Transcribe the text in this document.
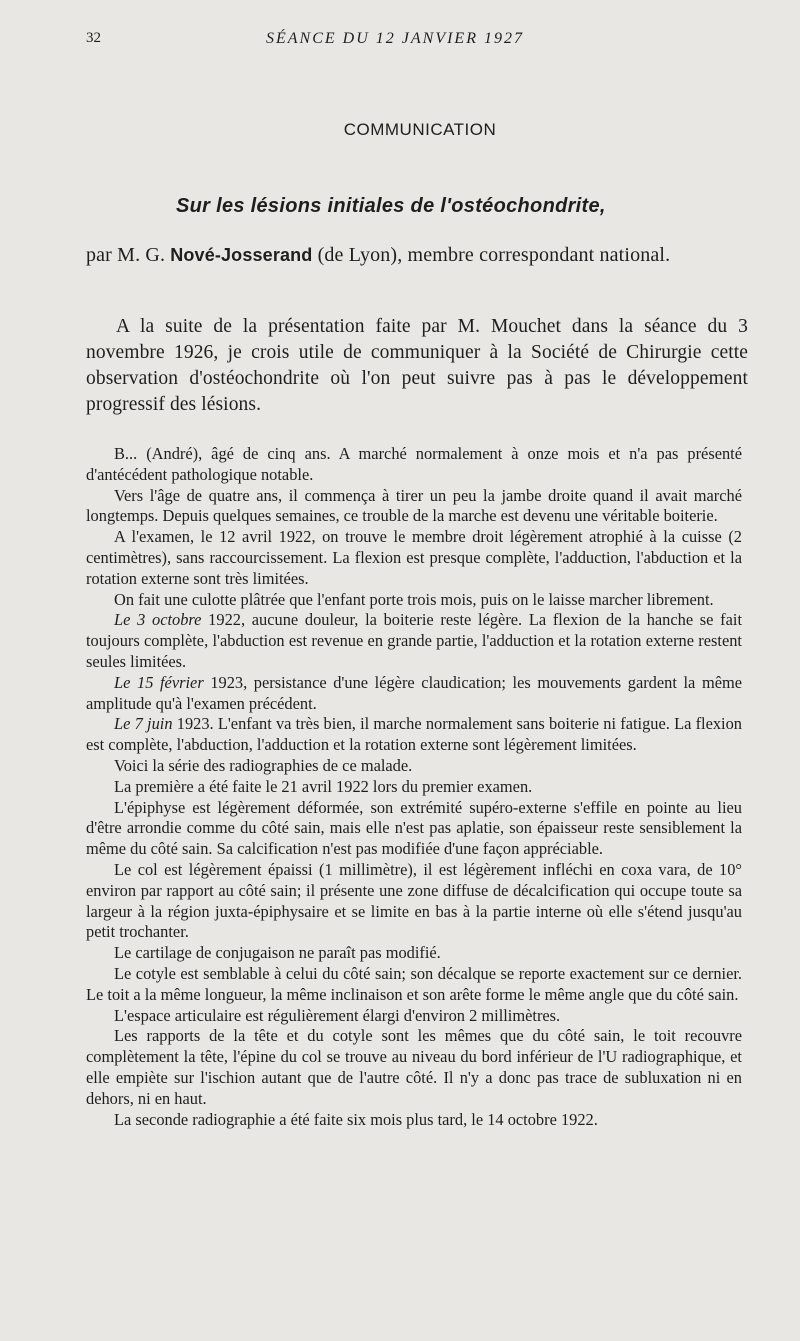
32	SÉANCE DU 12 JANVIER 1927
COMMUNICATION
Sur les lésions initiales de l'ostéochondrite,
par M. G. Nové-Josserand (de Lyon), membre correspondant national.
A la suite de la présentation faite par M. Mouchet dans la séance du 3 novembre 1926, je crois utile de communiquer à la Société de Chirurgie cette observation d'ostéochondrite où l'on peut suivre pas à pas le développement progressif des lésions.

B... (André), âgé de cinq ans. A marché normalement à onze mois et n'a pas présenté d'antécédent pathologique notable.

Vers l'âge de quatre ans, il commença à tirer un peu la jambe droite quand il avait marché longtemps. Depuis quelques semaines, ce trouble de la marche est devenu une véritable boiterie.

A l'examen, le 12 avril 1922, on trouve le membre droit légèrement atrophié à la cuisse (2 centimètres), sans raccourcissement. La flexion est presque complète, l'adduction, l'abduction et la rotation externe sont très limitées.

On fait une culotte plâtrée que l'enfant porte trois mois, puis on le laisse marcher librement.

Le 3 octobre 1922, aucune douleur, la boiterie reste légère. La flexion de la hanche se fait toujours complète, l'abduction est revenue en grande partie, l'adduction et la rotation externe restent seules limitées.

Le 15 février 1923, persistance d'une légère claudication; les mouvements gardent la même amplitude qu'à l'examen précédent.

Le 7 juin 1923. L'enfant va très bien, il marche normalement sans boiterie ni fatigue. La flexion est complète, l'abduction, l'adduction et la rotation externe sont légèrement limitées.

Voici la série des radiographies de ce malade.

La première a été faite le 21 avril 1922 lors du premier examen.

L'épiphyse est légèrement déformée, son extrémité supéro-externe s'effile en pointe au lieu d'être arrondie comme du côté sain, mais elle n'est pas aplatie, son épaisseur reste sensiblement la même du côté sain. Sa calcification n'est pas modifiée d'une façon appréciable.

Le col est légèrement épaissi (1 millimètre), il est légèrement infléchi en coxa vara, de 10° environ par rapport au côté sain; il présente une zone diffuse de décalcification qui occupe toute sa largeur à la région juxta-épiphysaire et se limite en bas à la partie interne où elle s'étend jusqu'au petit trochanter.

Le cartilage de conjugaison ne paraît pas modifié.

Le cotyle est semblable à celui du côté sain; son décalque se reporte exactement sur ce dernier. Le toit a la même longueur, la même inclinaison et son arête forme le même angle que du côté sain.

L'espace articulaire est régulièrement élargi d'environ 2 millimètres.

Les rapports de la tête et du cotyle sont les mêmes que du côté sain, le toit recouvre complètement la tête, l'épine du col se trouve au niveau du bord inférieur de l'U radiographique, et elle empiète sur l'ischion autant que de l'autre côté. Il n'y a donc pas trace de subluxation ni en dehors, ni en haut.

La seconde radiographie a été faite six mois plus tard, le 14 octobre 1922.
